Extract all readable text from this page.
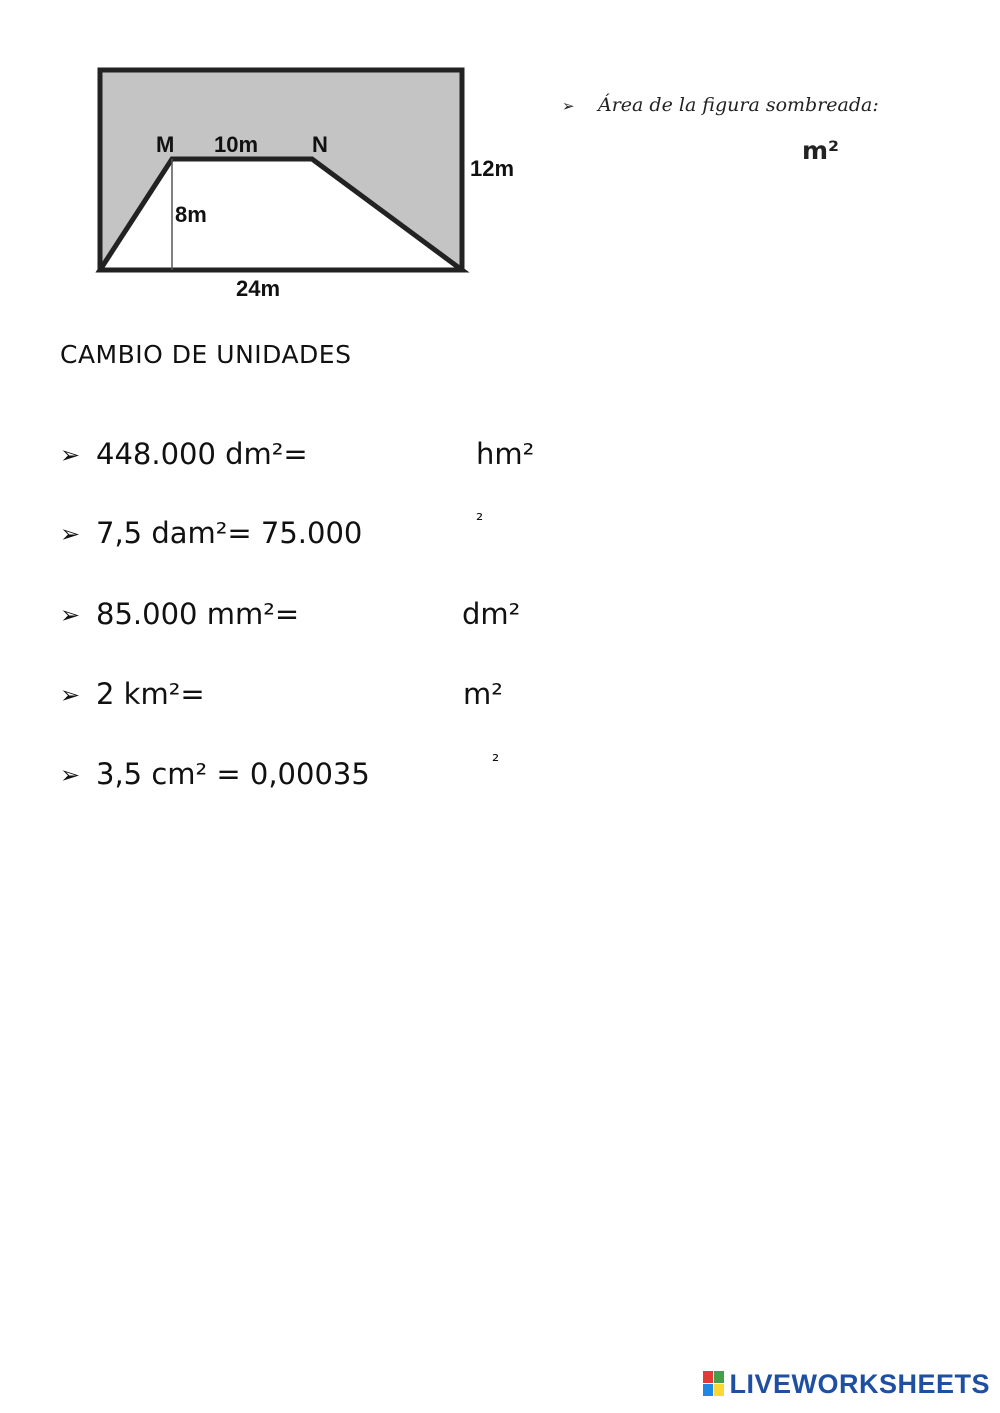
M 10m N
8m
12m
24m
➢ Área de la figura sombreada:
m²
CAMBIO DE UNIDADES
➢ 448.000 dm²=	hm²
➢ 7,5 dam²= 75.000	²
➢ 85.000 mm²=	dm²
➢ 2 km²=	m²
➢ 3,5 cm² = 0,00035	²
LIVEWORKSHEETS
